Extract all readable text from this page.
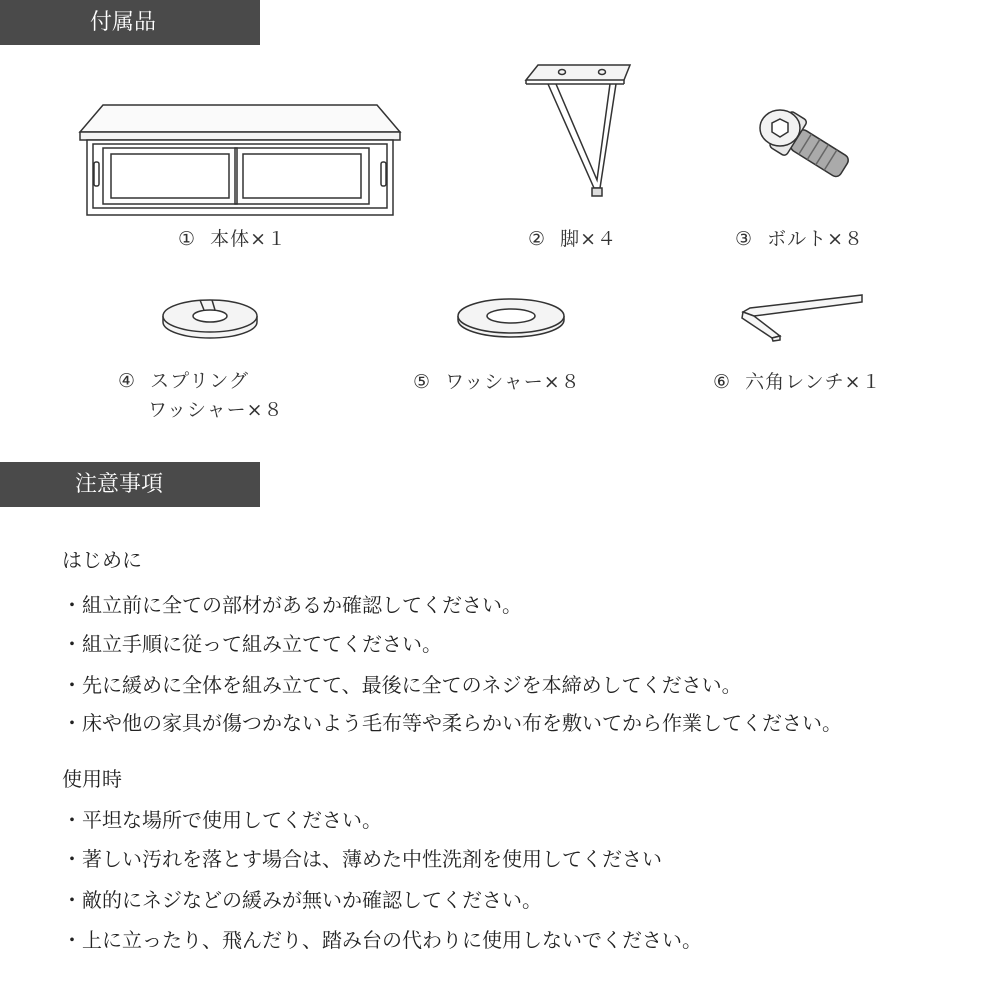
付属品
① 本体×１	② 脚×４	③ ボルト×８
④ スプリング
ワッシャー×８
⑤ ワッシャー×８	⑥ 六角レンチ×１
注意事項
はじめに
・組立前に全ての部材があるか確認してください。
・組立手順に従って組み立ててください。
・先に緩めに全体を組み立てて、最後に全てのネジを本締めしてください。
・床や他の家具が傷つかないよう毛布等や柔らかい布を敷いてから作業してください。
使用時
・平坦な場所で使用してください。
・著しい汚れを落とす場合は、薄めた中性洗剤を使用してください
・敵的にネジなどの緩みが無いか確認してください。
・上に立ったり、飛んだり、踏み台の代わりに使用しないでください。
